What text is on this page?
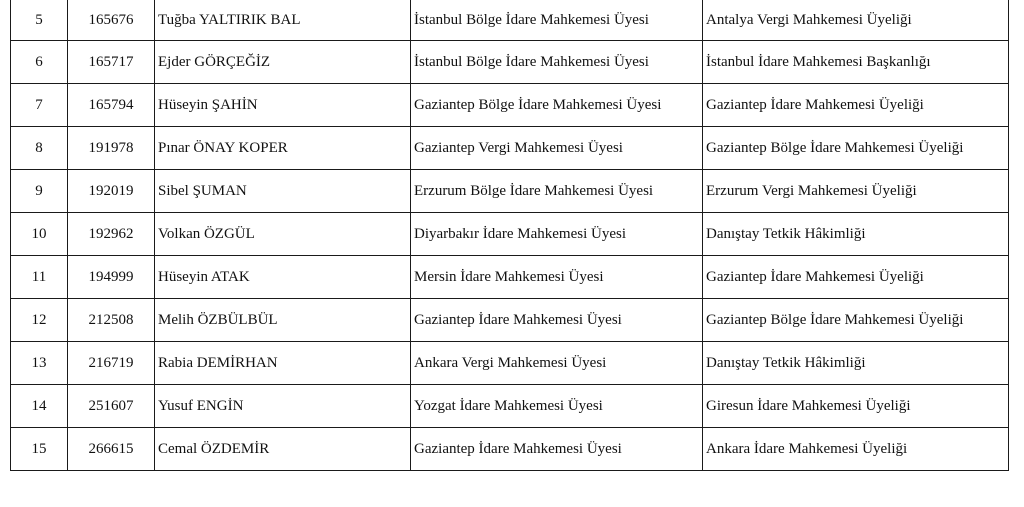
5	165676	Tuğba YALTIRIK BAL	İstanbul Bölge İdare Mahkemesi Üyesi	Antalya Vergi Mahkemesi Üyeliği
6	165717	Ejder GÖRÇEĞİZ	İstanbul Bölge İdare Mahkemesi Üyesi	İstanbul İdare Mahkemesi Başkanlığı
7	165794	Hüseyin ŞAHİN	Gaziantep Bölge İdare Mahkemesi Üyesi	Gaziantep İdare Mahkemesi Üyeliği
8	191978	Pınar ÖNAY KOPER	Gaziantep Vergi Mahkemesi Üyesi	Gaziantep Bölge İdare Mahkemesi Üyeliği
9	192019	Sibel ŞUMAN	Erzurum Bölge İdare Mahkemesi Üyesi	Erzurum Vergi Mahkemesi Üyeliği
10	192962	Volkan ÖZGÜL	Diyarbakır İdare Mahkemesi Üyesi	Danıştay Tetkik Hâkimliği
11	194999	Hüseyin ATAK	Mersin İdare Mahkemesi Üyesi	Gaziantep İdare Mahkemesi Üyeliği
12	212508	Melih ÖZBÜLBÜL	Gaziantep İdare Mahkemesi Üyesi	Gaziantep Bölge İdare Mahkemesi Üyeliği
13	216719	Rabia DEMİRHAN	Ankara Vergi Mahkemesi Üyesi	Danıştay Tetkik Hâkimliği
14	251607	Yusuf ENGİN	Yozgat İdare Mahkemesi Üyesi	Giresun İdare Mahkemesi Üyeliği
15	266615	Cemal ÖZDEMİR	Gaziantep İdare Mahkemesi Üyesi	Ankara İdare Mahkemesi Üyeliği
